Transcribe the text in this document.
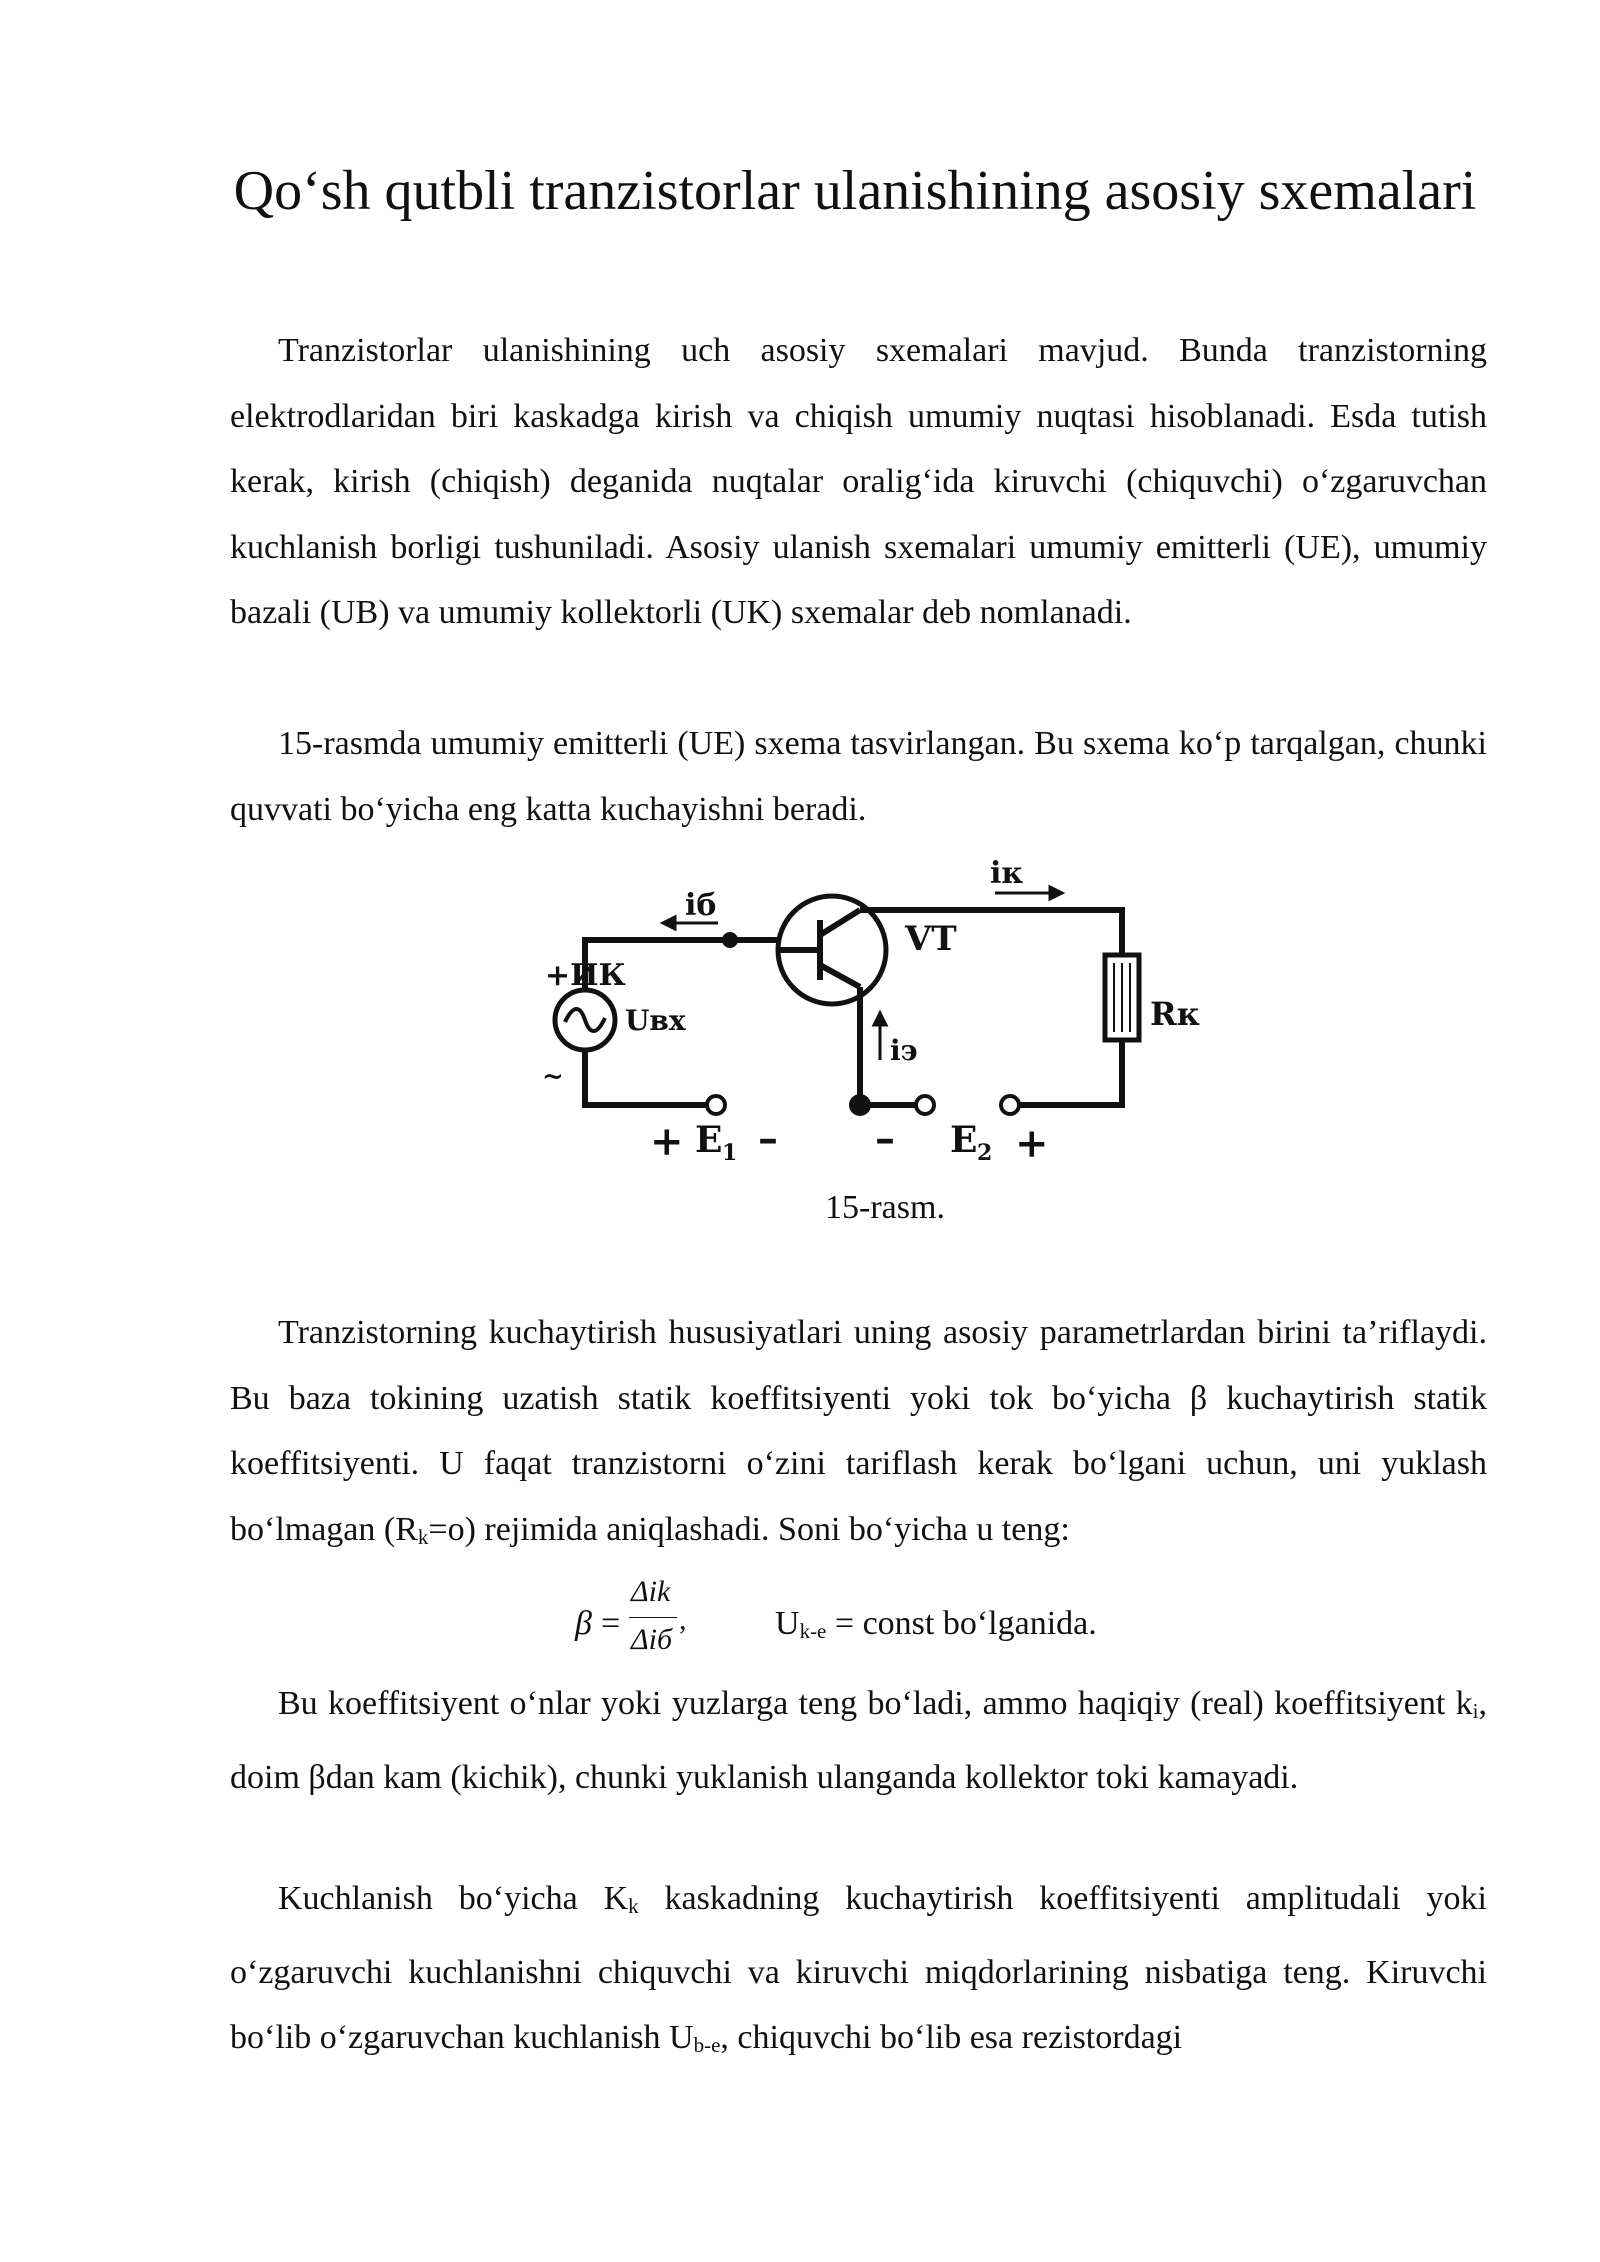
Qo‘sh qutbli tranzistorlar ulanishining asosiy sxemalari

Tranzistorlar ulanishining uch asosiy sxemalari mavjud. Bunda tranzistorning elektrodlaridan biri kaskadga kirish va chiqish umumiy nuqtasi hisoblanadi. Esda tutish kerak, kirish (chiqish) deganida nuqtalar oralig‘ida kiruvchi (chiquvchi) o‘zgaruvchan kuchlanish borligi tushuniladi. Asosiy ulanish sxemalari umumiy emitterli (UE), umumiy bazali (UB) va umumiy kollektorli (UK) sxemalar deb nomlanadi.

15-rasmda umumiy emitterli (UE) sxema tasvirlangan. Bu sxema ko‘p tarqalgan, chunki quvvati bo‘yicha eng katta kuchayishni beradi.

iк
iб
VT
+ИК
~
Uвх
iэ
Rк
+ E 1 – – E 2 +
15-rasm.

Tranzistorning kuchaytirish hususiyatlari uning asosiy parametrlardan birini ta’riflaydi. Bu baza tokining uzatish statik koeffitsiyenti yoki tok bo‘yicha β kuchaytirish statik koeffitsiyenti. U faqat tranzistorni o‘zini tariflash kerak bo‘lgani uchun, uni yuklash bo‘lmagan $(R_k=o)$ rejimida aniqlashadi. Soni bo‘yicha u teng:

β =
Δik
Δiб
,	$U_{k-e}$ = const bo‘lganida.

Bu koeffitsiyent o‘nlar yoki yuzlarga teng bo‘ladi, ammo haqiqiy (real) koeffitsiyent $k_i$, doim βdan kam (kichik), chunki yuklanish ulanganda kollektor toki kamayadi.

Kuchlanish bo‘yicha $K_k$ kaskadning kuchaytirish koeffitsiyenti amplitudali yoki o‘zgaruvchi kuchlanishni chiquvchi va kiruvchi miqdorlarining nisbatiga teng. Kiruvchi bo‘lib o‘zgaruvchan kuchlanish $U_{b-e}$, chiquvchi bo‘lib esa rezistordagi
